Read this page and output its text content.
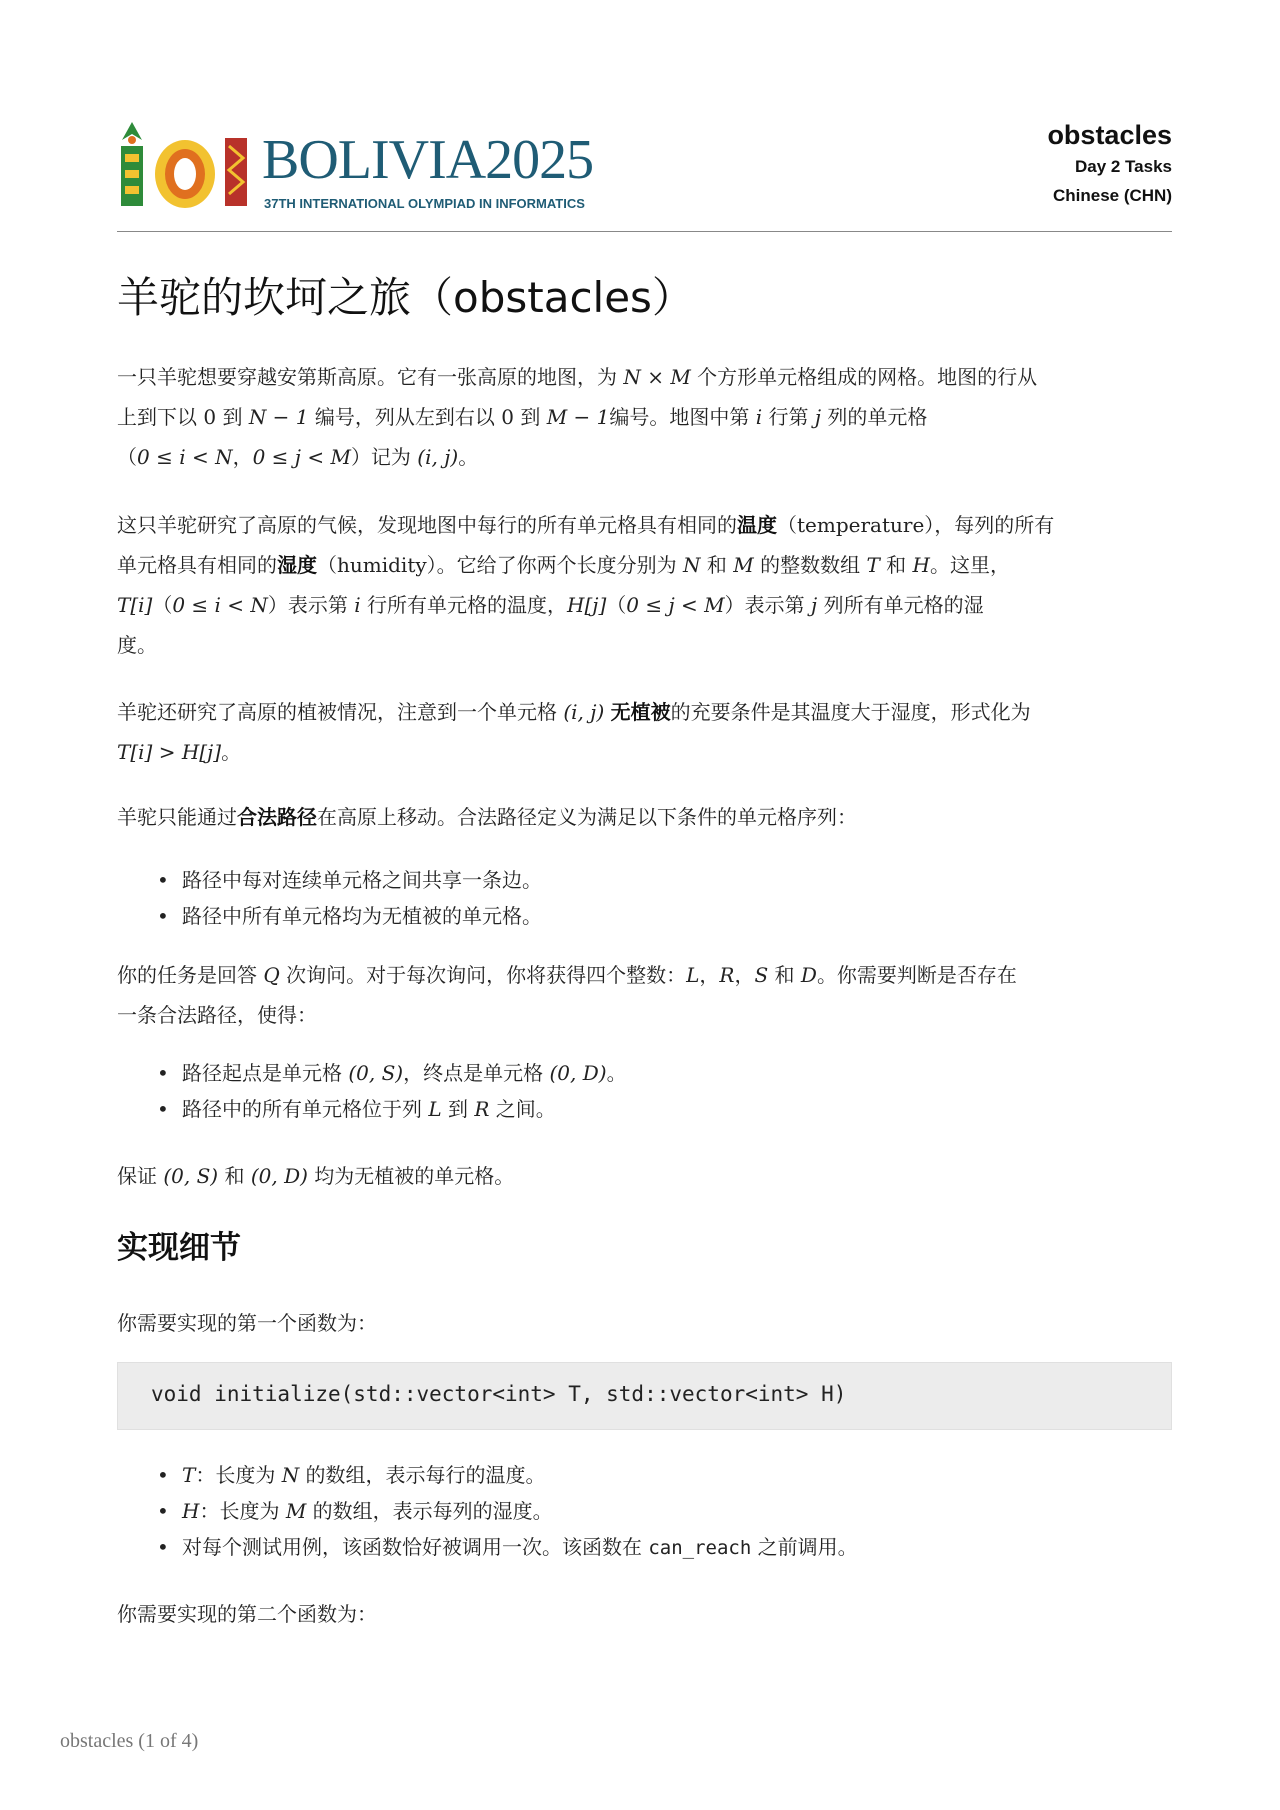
BOLIVIA2025
37TH INTERNATIONAL OLYMPIAD IN INFORMATICS
obstacles
Day 2 Tasks
Chinese (CHN)
羊驼的坎坷之旅（obstacles）
一只羊驼想要穿越安第斯高原。它有一张高原的地图，为 N × M 个方形单元格组成的网格。地图的行从
上到下以 0 到 N − 1 编号，列从左到右以 0 到 M − 1编号。地图中第 i 行第 j 列的单元格
（0 ≤ i < N，0 ≤ j < M）记为 (i, j)。
这只羊驼研究了高原的气候，发现地图中每行的所有单元格具有相同的温度（temperature），每列的所有
单元格具有相同的湿度（humidity）。它给了你两个长度分别为 N 和 M 的整数数组 T 和 H。这里，
T[i]（0 ≤ i < N）表示第 i 行所有单元格的温度，H[j]（0 ≤ j < M）表示第 j 列所有单元格的湿
度。
羊驼还研究了高原的植被情况，注意到一个单元格 (i, j) 无植被的充要条件是其温度大于湿度，形式化为
T[i] > H[j]。
羊驼只能通过合法路径在高原上移动。合法路径定义为满足以下条件的单元格序列：
• 路径中每对连续单元格之间共享一条边。
• 路径中所有单元格均为无植被的单元格。
你的任务是回答 Q 次询问。对于每次询问，你将获得四个整数：L，R，S 和 D。你需要判断是否存在
一条合法路径，使得：
• 路径起点是单元格 (0, S)，终点是单元格 (0, D)。
• 路径中的所有单元格位于列 L 到 R 之间。
保证 (0, S) 和 (0, D) 均为无植被的单元格。
实现细节
你需要实现的第一个函数为：
void initialize(std::vector<int> T, std::vector<int> H)
• T：长度为 N 的数组，表示每行的温度。
• H：长度为 M 的数组，表示每列的湿度。
• 对每个测试用例，该函数恰好被调用一次。该函数在 can_reach 之前调用。
你需要实现的第二个函数为：
obstacles (1 of 4)
